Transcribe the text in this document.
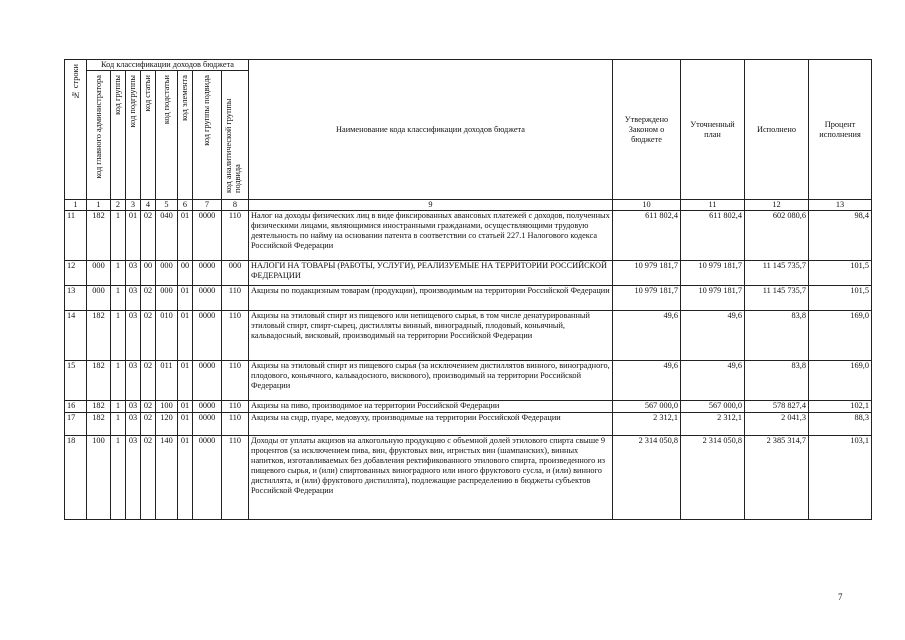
№ строки	Код классификации доходов бюджета								Наименование кода классификации доходов бюджета	Утверждено Законом о бюджете	Уточненный план	Исполнено	Процент исполнения

	код главного администратора	код группы	код подгруппы	код статьи	код подстатьи	код элемента	код группы подвида	код аналитической группы подвида					

1	1	2	3	4	5	6	7	8	9	10	11	12	13
11	182	1	01	02	040	01	0000	110	Налог на доходы физических лиц в виде фиксированных авансовых платежей с доходов, полученных физическими лицами, являющимися иностранными гражданами, осуществляющими трудовую деятельность по найму на основании патента в соответствии со статьей 227.1 Налогового кодекса Российской Федерации	611 802,4	611 802,4	602 080,6	98,4
12	000	1	03	00	000	00	0000	000	НАЛОГИ НА ТОВАРЫ (РАБОТЫ, УСЛУГИ), РЕАЛИЗУЕМЫЕ НА ТЕРРИТОРИИ РОССИЙСКОЙ ФЕДЕРАЦИИ	10 979 181,7	10 979 181,7	11 145 735,7	101,5
13	000	1	03	02	000	01	0000	110	Акцизы по подакцизным товарам (продукции), производимым на территории Российской Федерации	10 979 181,7	10 979 181,7	11 145 735,7	101,5
14	182	1	03	02	010	01	0000	110	Акцизы на этиловый спирт из пищевого или непищевого сырья, в том числе денатурированный этиловый спирт, спирт-сырец, дистилляты винный, виноградный, плодовый, коньячный, кальвадосный, висковый, производимый на территории Российской Федерации	49,6	49,6	83,8	169,0
15	182	1	03	02	011	01	0000	110	Акцизы на этиловый спирт из пищевого сырья (за исключением дистиллятов винного, виноградного, плодового, коньячного, кальвадосного, вискового), производимый на территории Российской Федерации	49,6	49,6	83,8	169,0
16	182	1	03	02	100	01	0000	110	Акцизы на пиво, производимое на территории Российской Федерации	567 000,0	567 000,0	578 827,4	102,1
17	182	1	03	02	120	01	0000	110	Акцизы на сидр, пуаре, медовуху, производимые на территории Российской Федерации	2 312,1	2 312,1	2 041,3	88,3
18	100	1	03	02	140	01	0000	110	Доходы от уплаты акцизов на алкогольную продукцию с объемной долей этилового спирта свыше 9 процентов (за исключением пива, вин, фруктовых вин, игристых вин (шампанских), винных напитков, изготавливаемых без добавления ректификованного этилового спирта, произведенного из пищевого сырья, и (или) спиртованных виноградного или иного фруктового сусла, и (или) винного дистиллята, и (или) фруктового дистиллята), подлежащие распределению в бюджеты субъектов Российской Федерации	2 314 050,8	2 314 050,8	2 385 314,7	103,1
7
